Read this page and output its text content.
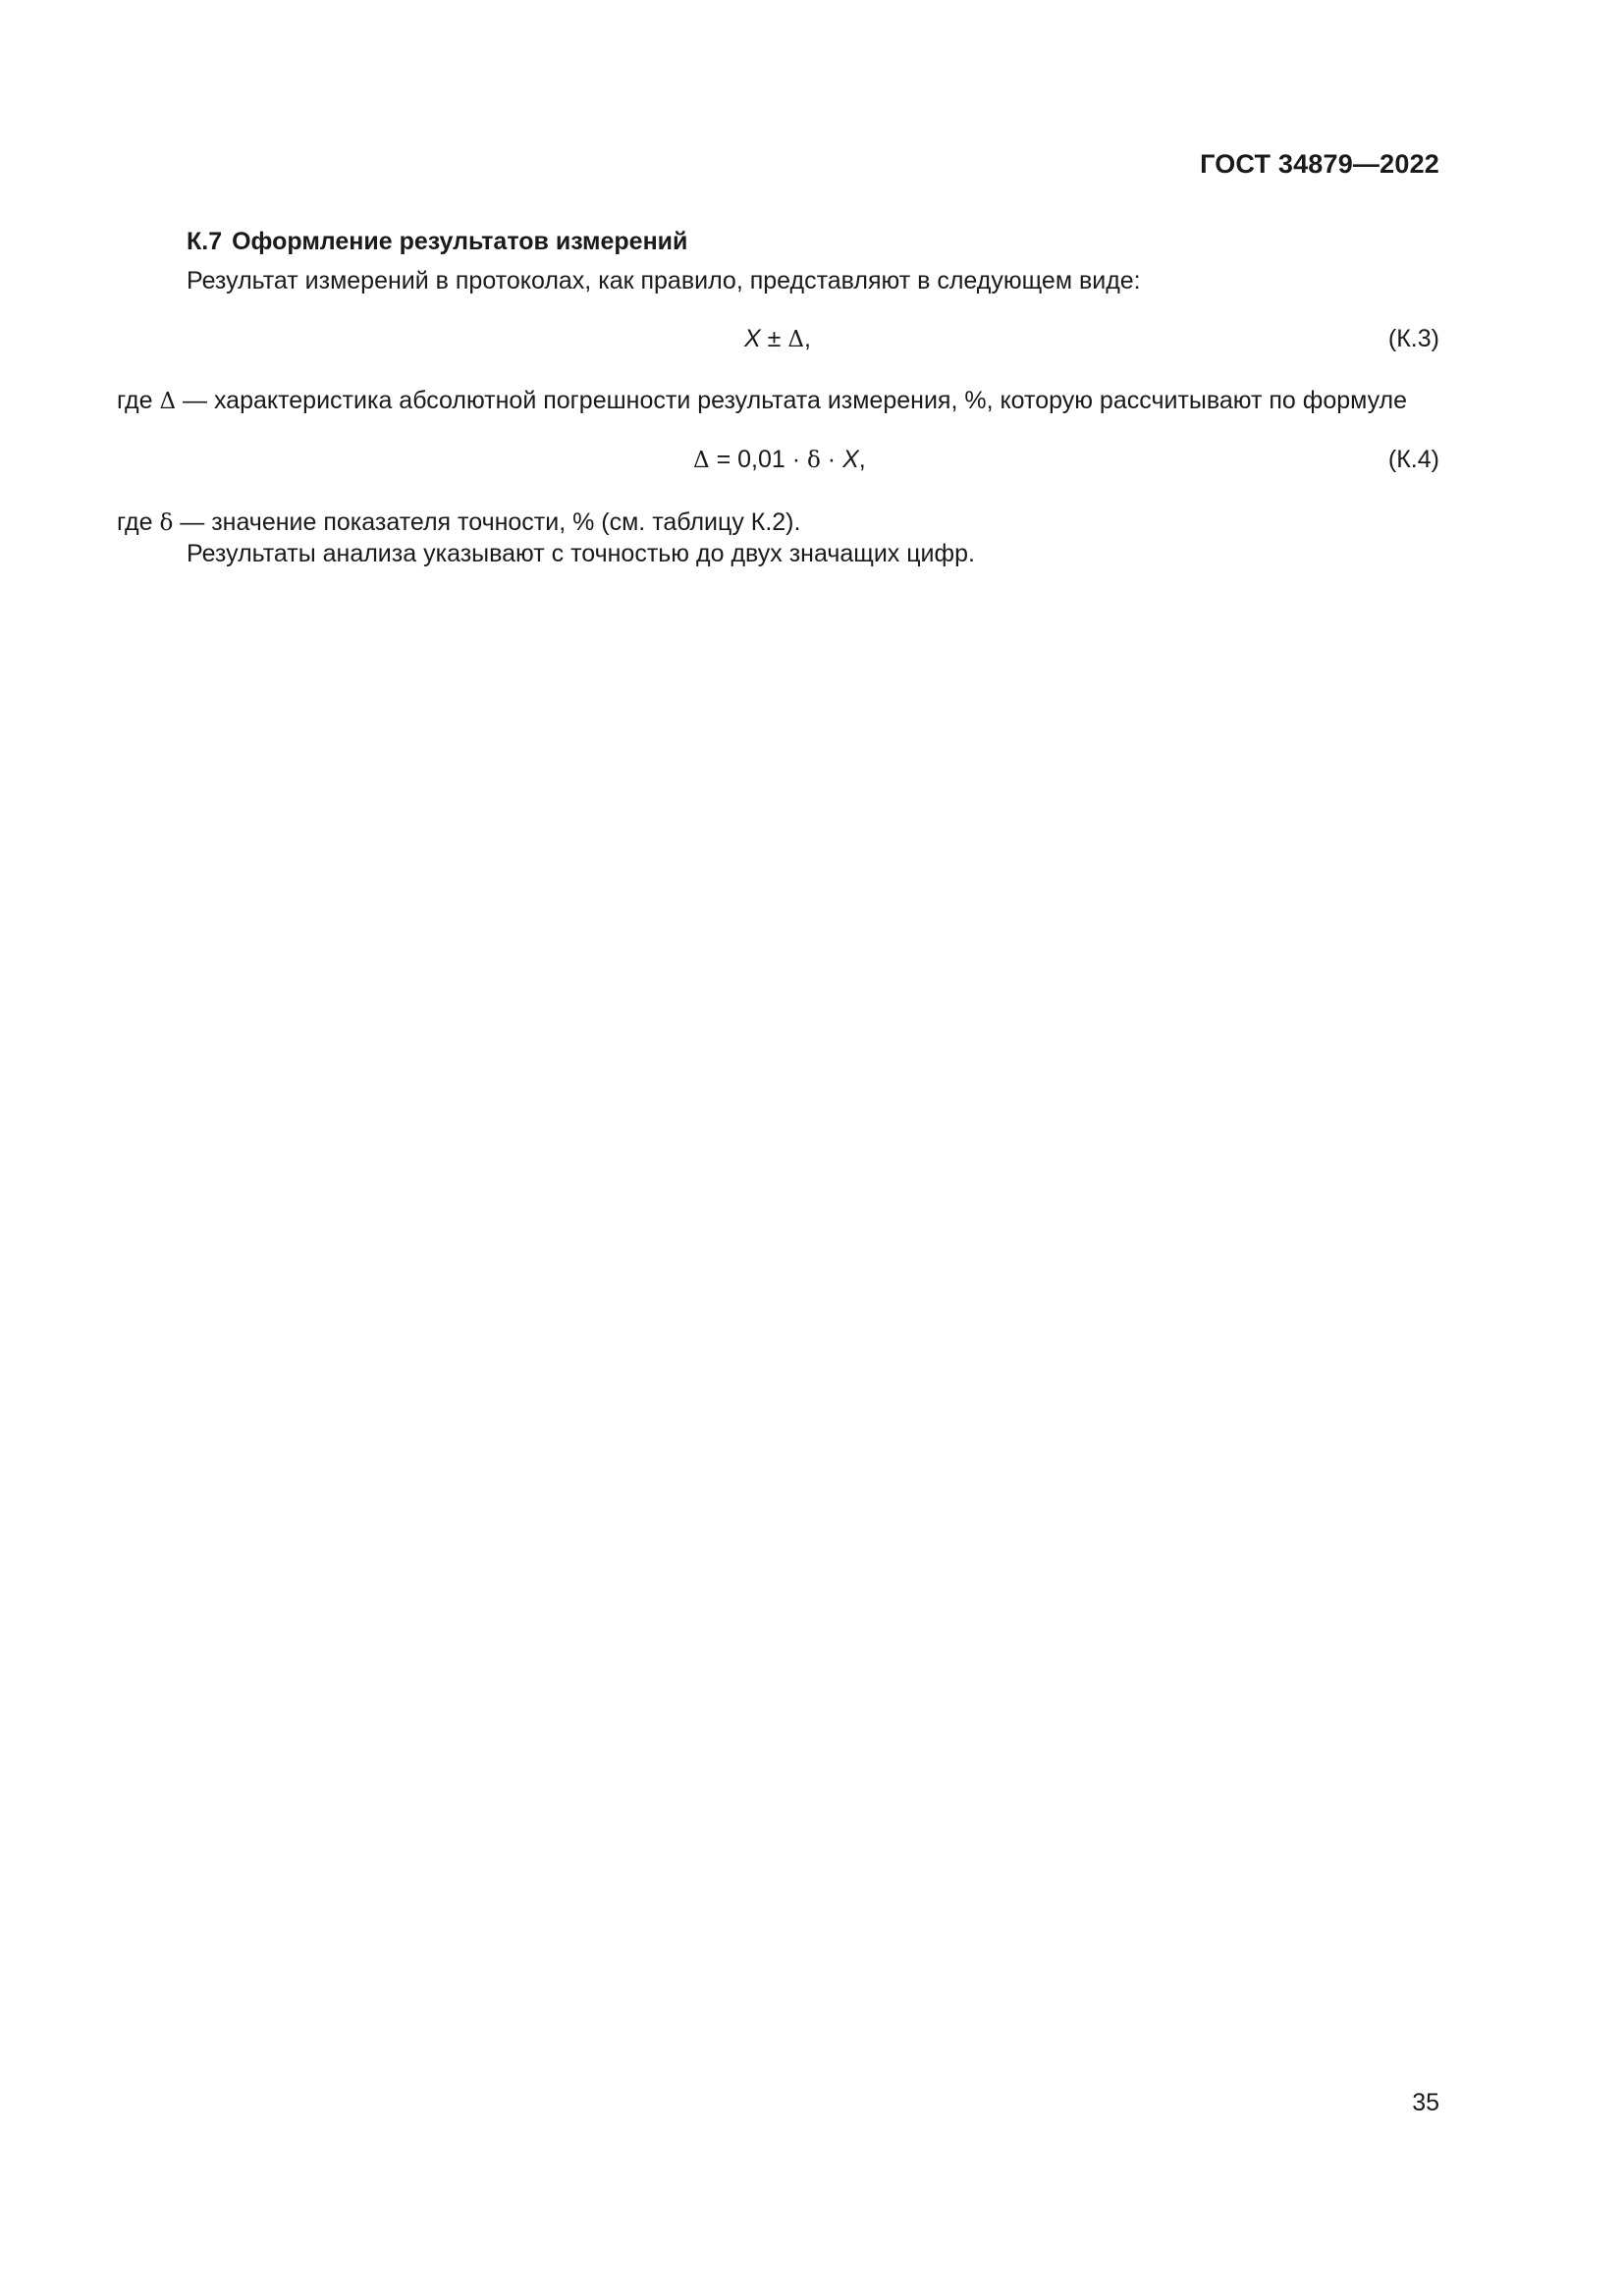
ГОСТ 34879—2022
К.7 Оформление результатов измерений
Результат измерений в протоколах, как правило, представляют в следующем виде:
X ± Δ,	(К.3)
где Δ — характеристика абсолютной погрешности результата измерения, %, которую рассчитывают по формуле
Δ = 0,01 · δ · X,	(К.4)
где δ — значение показателя точности, % (см. таблицу К.2).
Результаты анализа указывают с точностью до двух значащих цифр.
35
